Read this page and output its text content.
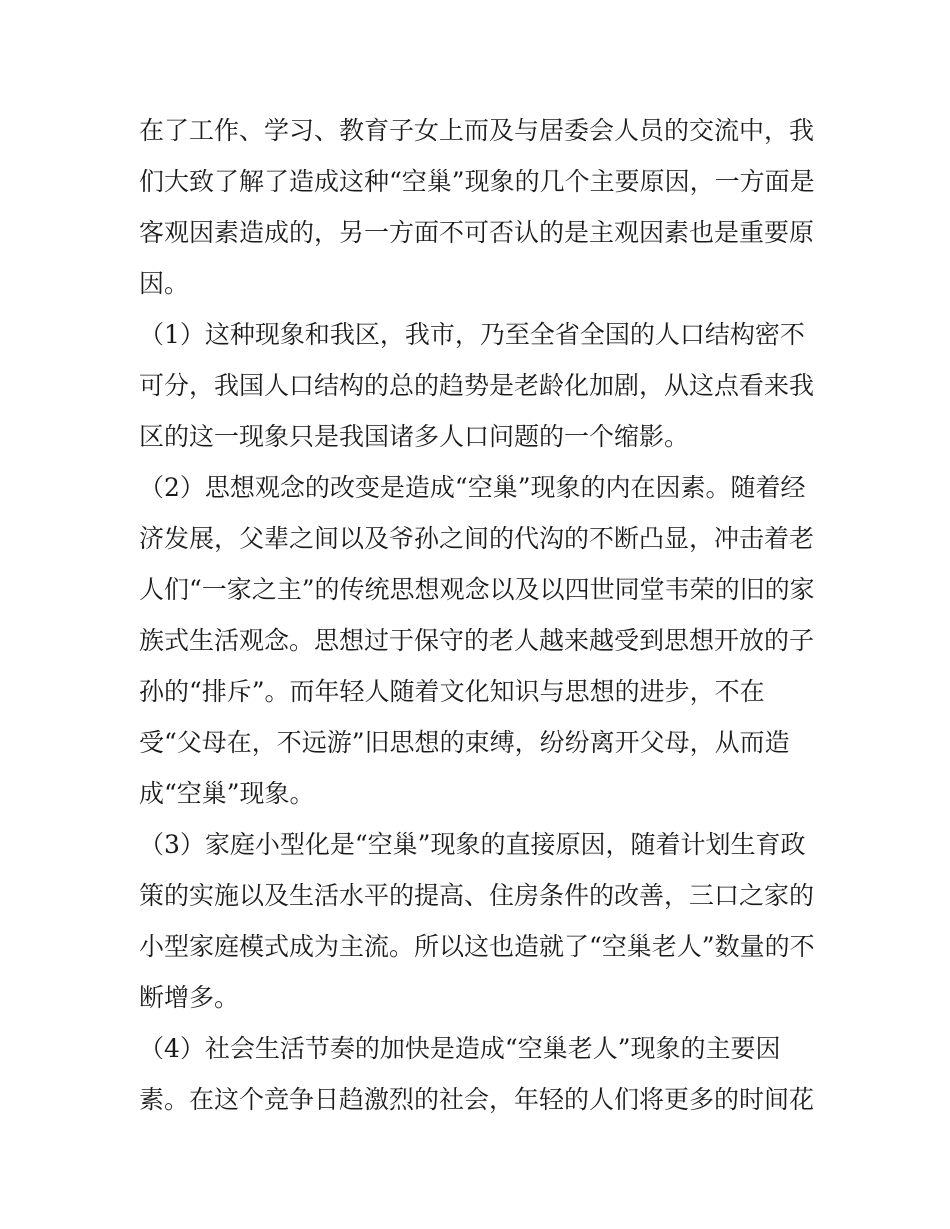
在了工作、学习、教育子女上而及与居委会人员的交流中，我
们大致了解了造成这种“空巢”现象的几个主要原因，一方面是
客观因素造成的，另一方面不可否认的是主观因素也是重要原
因。
（1）这种现象和我区，我市，乃至全省全国的人口结构密不
可分，我国人口结构的总的趋势是老龄化加剧，从这点看来我
区的这一现象只是我国诸多人口问题的一个缩影。
（2）思想观念的改变是造成“空巢”现象的内在因素。随着经
济发展，父辈之间以及爷孙之间的代沟的不断凸显，冲击着老
人们“一家之主”的传统思想观念以及以四世同堂韦荣的旧的家
族式生活观念。思想过于保守的老人越来越受到思想开放的子
孙的“排斥”。而年轻人随着文化知识与思想的进步，不在
受“父母在，不远游”旧思想的束缚，纷纷离开父母，从而造
成“空巢”现象。
（3）家庭小型化是“空巢”现象的直接原因，随着计划生育政
策的实施以及生活水平的提高、住房条件的改善，三口之家的
小型家庭模式成为主流。所以这也造就了“空巢老人”数量的不
断增多。
（4）社会生活节奏的加快是造成“空巢老人”现象的主要因
素。在这个竞争日趋激烈的社会，年轻的人们将更多的时间花
